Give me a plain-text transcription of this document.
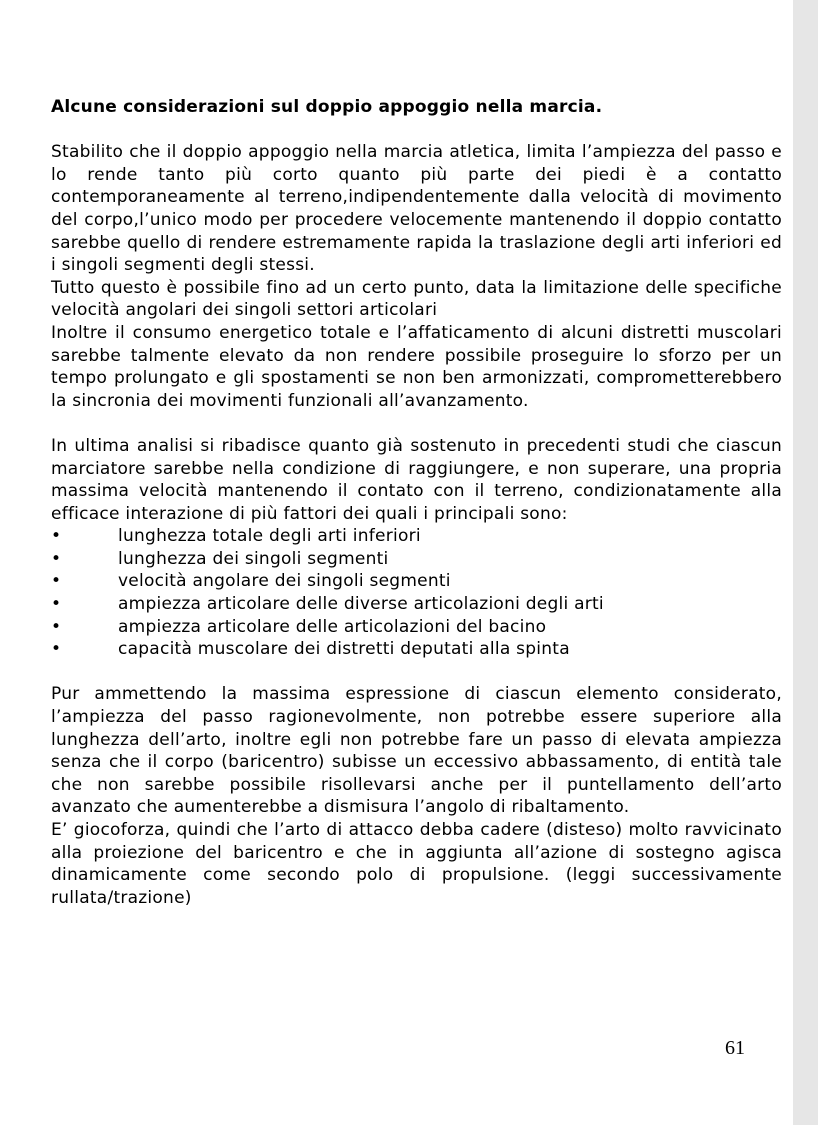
Alcune considerazioni sul doppio appoggio nella marcia.

Stabilito che il doppio appoggio nella marcia atletica, limita l’ampiezza del passo e lo rende tanto più corto quanto più parte dei piedi è a contatto contemporaneamente al terreno,indipendentemente dalla velocità di movimento del corpo,l’unico modo per procedere velocemente mantenendo il doppio contatto sarebbe quello di rendere estremamente rapida la traslazione degli arti inferiori ed i singoli segmenti degli stessi.

Tutto questo è possibile fino ad un certo punto, data la limitazione delle specifiche velocità angolari dei singoli settori articolari

Inoltre il consumo energetico totale e l’affaticamento di alcuni distretti muscolari sarebbe talmente elevato da non rendere possibile proseguire lo sforzo per un tempo prolungato e gli spostamenti se non ben armonizzati, comprometterebbero la sincronia dei movimenti funzionali all’avanzamento.

In ultima analisi si ribadisce quanto già sostenuto in precedenti studi che ciascun marciatore sarebbe nella condizione di raggiungere, e non superare, una propria massima velocità mantenendo il contato con il terreno, condizionatamente alla efficace interazione di più fattori dei quali i principali sono:

•	lunghezza totale degli arti inferiori
•	lunghezza dei singoli segmenti
•	velocità angolare dei singoli segmenti
•	ampiezza articolare delle diverse articolazioni degli arti
•	ampiezza articolare delle articolazioni del bacino
•	capacità muscolare dei distretti deputati alla spinta

Pur ammettendo la massima espressione di ciascun elemento considerato, l’ampiezza del passo ragionevolmente, non potrebbe essere superiore alla lunghezza dell’arto, inoltre egli non potrebbe fare un passo di elevata ampiezza senza che il corpo (baricentro) subisse un eccessivo abbassamento, di entità tale che non sarebbe possibile risollevarsi anche per il puntellamento dell’arto avanzato che aumenterebbe a dismisura l’angolo di ribaltamento.

E’ giocoforza, quindi che l’arto di attacco debba cadere (disteso) molto ravvicinato alla proiezione del baricentro e che in aggiunta all’azione di sostegno agisca dinamicamente come secondo polo di propulsione. (leggi successivamente rullata/trazione)

61
